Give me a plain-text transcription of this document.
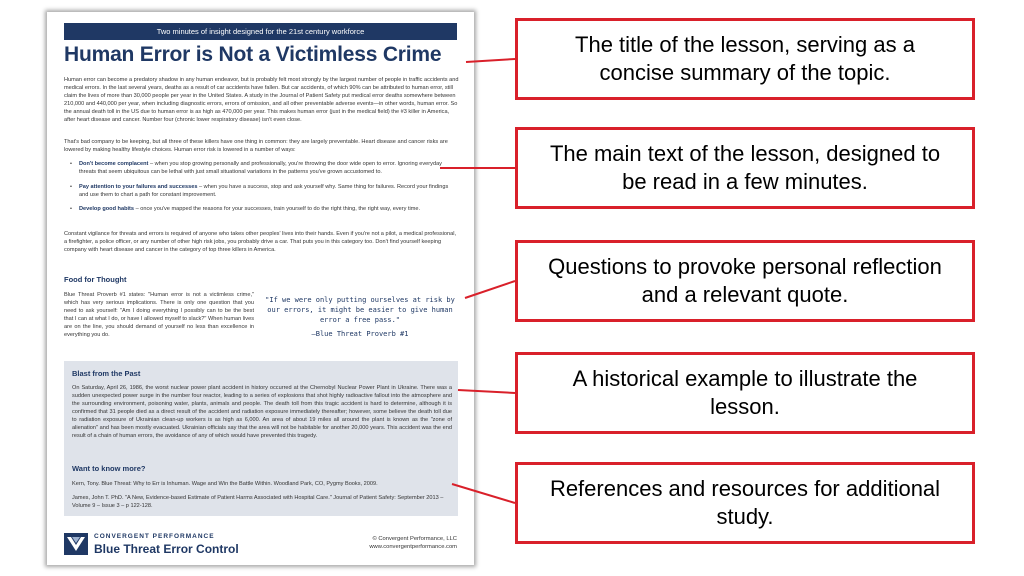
Two minutes of insight designed for the 21st century workforce
Human Error is Not a Victimless Crime

Human error can become a predatory shadow in any human endeavor, but is probably felt most strongly by the largest number of people in traffic accidents and medical errors. In the last several years, deaths as a result of car accidents have fallen. But car accidents, of which 90% can be attributed to human error, still claim the lives of more than 30,000 people per year in the United States. A study in the Journal of Patient Safety put medical error deaths somewhere between 210,000 and 440,000 per year, when including diagnostic errors, errors of omission, and all other preventable adverse events—in other words, human error. So the annual death toll in the US due to human error is as high as 470,000 per year. This makes human error (just in the medical field) the #3 killer in America, after heart disease and cancer. Number four (chronic lower respiratory disease) isn't even close.

That's bad company to be keeping, but all three of these killers have one thing in common: they are largely preventable. Heart disease and cancer risks are lowered by making healthy lifestyle choices. Human error risk is lowered in a number of ways:

• Don't become complacent – when you stop growing personally and professionally, you're throwing the door wide open to error. Ignoring everyday threats that seem ubiquitous can be lethal with just small situational variations in the patterns you've grown accustomed to.
• Pay attention to your failures and successes – when you have a success, stop and ask yourself why. Same thing for failures. Record your findings and use them to chart a path for constant improvement.
• Develop good habits – once you've mapped the reasons for your successes, train yourself to do the right thing, the right way, every time.

Constant vigilance for threats and errors is required of anyone who takes other peoples' lives into their hands. Even if you're not a pilot, a medical professional, a firefighter, a police officer, or any number of other high risk jobs, you probably drive a car. That puts you in this category too. Don't find yourself keeping company with heart disease and cancer in the category of top three killers in America.

Food for Thought
Blue Threat Proverb #1 states: "Human error is not a victimless crime," which has very serious implications. There is only one question that you need to ask yourself: "Am I doing everything I possibly can to be the best that I can at what I do, or have I allowed myself to slack?" When human lives are on the line, you should demand of yourself no less than excellence in everything you do.
"If we were only putting ourselves at risk by our errors, it might be easier to give human error a free pass."
—Blue Threat Proverb #1
Blast from the Past
On Saturday, April 26, 1986, the worst nuclear power plant accident in history occurred at the Chernobyl Nuclear Power Plant in Ukraine. There was a sudden unexpected power surge in the number four reactor, leading to a series of explosions that shot highly radioactive fallout into the atmosphere and the surrounding environment, poisoning water, plants, animals and people. The death toll from this tragic accident is hard to determine, although it is confirmed that 31 people died as a direct result of the accident and radiation exposure immediately thereafter; however, some believe the death toll due to radiation exposure of Ukrainian clean-up workers is as high as 6,000. An area of about 19 miles all around the plant is known as the "zone of alienation" and has been mostly evacuated. Ukrainian officials say that the area will not be habitable for another 20,000 years. This accident was the end result of a chain of human errors, the avoidance of any of which would have prevented this tragedy.
Want to know more?
Kern, Tony. Blue Threat: Why to Err is Inhuman. Wage and Win the Battle Within. Woodland Park, CO, Pygmy Books, 2009.
James, John T. PhD. "A New, Evidence-based Estimate of Patient Harms Associated with Hospital Care." Journal of Patient Safety: September 2013 – Volume 9 – Issue 3 – p 122-128.
CONVERGENT PERFORMANCE
Blue Threat Error Control
© Convergent Performance, LLC
www.convergentperformance.com
The title of the lesson, serving as a concise summary of the topic.
The main text of the lesson, designed to be read in a few minutes.
Questions to provoke personal reflection and a relevant quote.
A historical example to illustrate the lesson.
References and resources for additional study.
